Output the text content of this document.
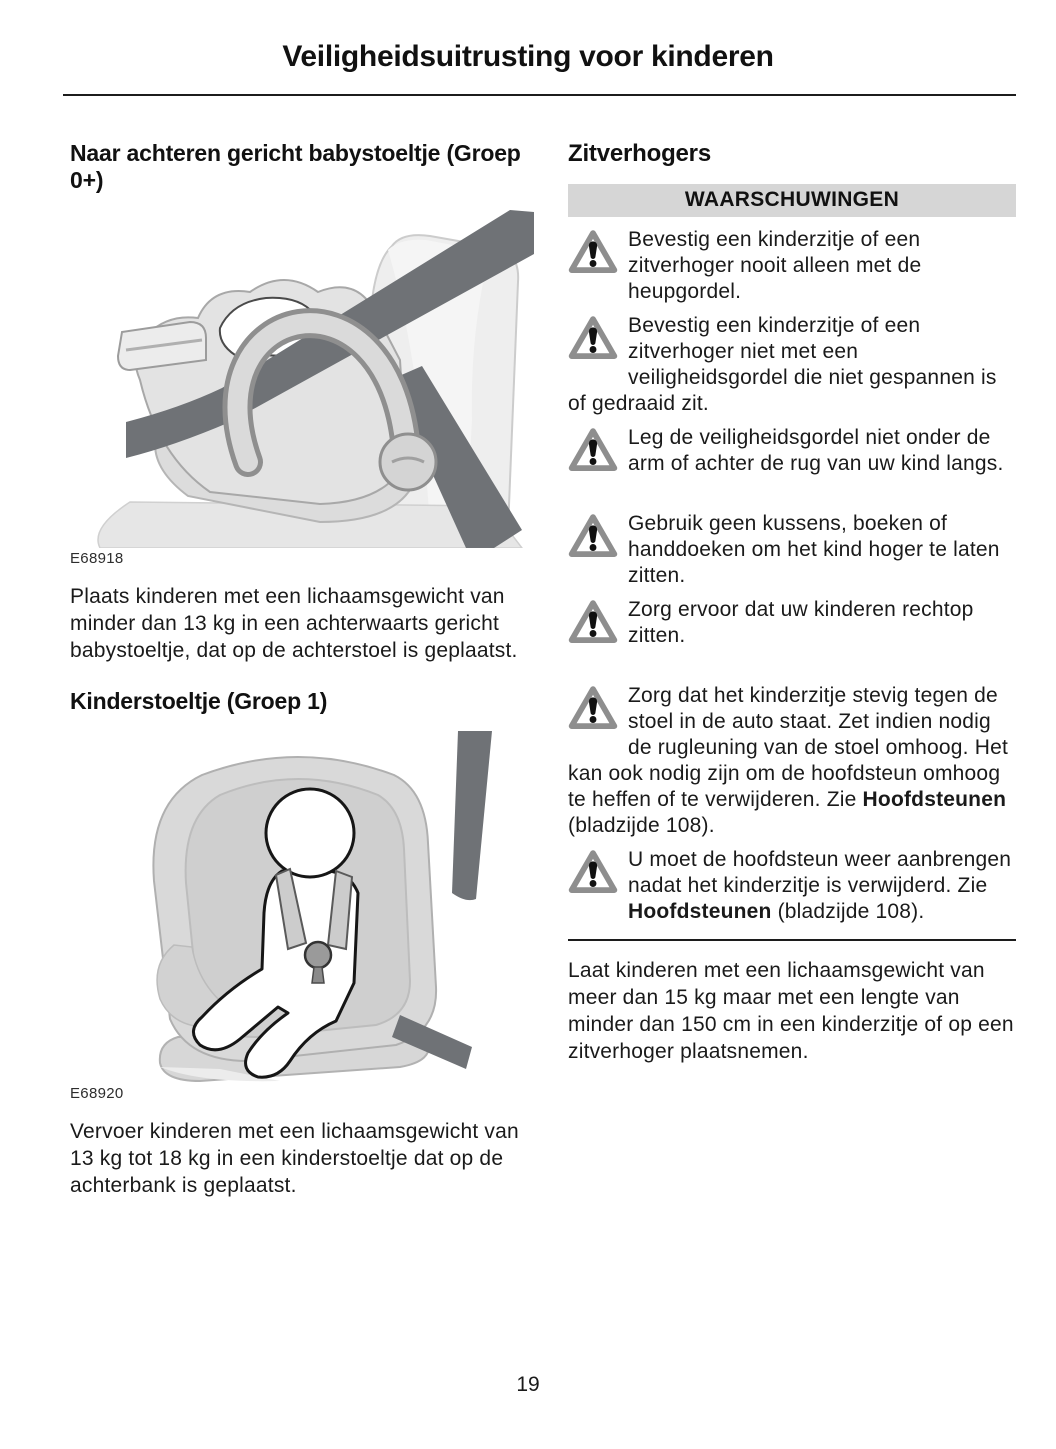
Veiligheidsuitrusting voor kinderen
Naar achteren gericht babystoeltje (Groep 0+)
E68918

Plaats kinderen met een lichaamsgewicht van minder dan 13 kg in een achterwaarts gericht babystoeltje, dat op de achterstoel is geplaatst.

Kinderstoeltje (Groep 1)
E68920

Vervoer kinderen met een lichaamsgewicht van 13 kg tot 18 kg in een kinderstoeltje dat op de achterbank is geplaatst.

Zitverhogers
WAARSCHUWINGEN

Bevestig een kinderzitje of een zitverhoger nooit alleen met de heupgordel.

Bevestig een kinderzitje of een zitverhoger niet met een veiligheidsgordel die niet gespannen is of gedraaid zit.

Leg de veiligheidsgordel niet onder de arm of achter de rug van uw kind langs.

Gebruik geen kussens, boeken of handdoeken om het kind hoger te laten zitten.

Zorg ervoor dat uw kinderen rechtop zitten.

Zorg dat het kinderzitje stevig tegen de stoel in de auto staat. Zet indien nodig de rugleuning van de stoel omhoog. Het kan ook nodig zijn om de hoofdsteun omhoog te heffen of te verwijderen. Zie Hoofdsteunen (bladzijde 108).

U moet de hoofdsteun weer aanbrengen nadat het kinderzitje is verwijderd. Zie Hoofdsteunen (bladzijde 108).

Laat kinderen met een lichaamsgewicht van meer dan 15 kg maar met een lengte van minder dan 150 cm in een kinderzitje of op een zitverhoger plaatsnemen.

19
